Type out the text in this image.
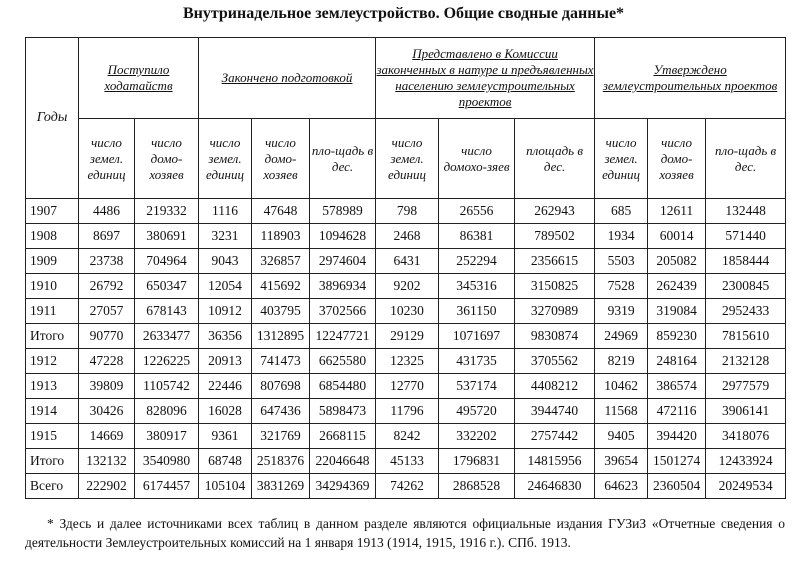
Внутринадельное землеустройство. Общие сводные данные*
Годы	Поступило ходатайств		Закончено подготовкой			Представлено в Комиссии законченных в натуре и предъявленных населению землеустроительных проектов			Утверждено землеустроительных проектов		
	число земел. единиц	число домо-хозяев	число земел. единиц	число домо-хозяев	пло-щадь в дес.	число земел. единиц	число домохо-зяев	площадь в дес.	число земел. единиц	число домо-хозяев	пло-щадь в дес.
1907	4486	219332	1116	47648	578989	798	26556	262943	685	12611	132448
1908	8697	380691	3231	118903	1094628	2468	86381	789502	1934	60014	571440
1909	23738	704964	9043	326857	2974604	6431	252294	2356615	5503	205082	1858444
1910	26792	650347	12054	415692	3896934	9202	345316	3150825	7528	262439	2300845
1911	27057	678143	10912	403795	3702566	10230	361150	3270989	9319	319084	2952433
Итого	90770	2633477	36356	1312895	12247721	29129	1071697	9830874	24969	859230	7815610
1912	47228	1226225	20913	741473	6625580	12325	431735	3705562	8219	248164	2132128
1913	39809	1105742	22446	807698	6854480	12770	537174	4408212	10462	386574	2977579
1914	30426	828096	16028	647436	5898473	11796	495720	3944740	11568	472116	3906141
1915	14669	380917	9361	321769	2668115	8242	332202	2757442	9405	394420	3418076
Итого	132132	3540980	68748	2518376	22046648	45133	1796831	14815956	39654	1501274	12433924
Всего	222902	6174457	105104	3831269	34294369	74262	2868528	24646830	64623	2360504	20249534
* Здесь и далее источниками всех таблиц в данном разделе являются официальные издания ГУЗиЗ «Отчетные сведения о деятельности Землеустроительных комиссий на 1 января 1913 (1914, 1915, 1916 г.). СПб. 1913.
